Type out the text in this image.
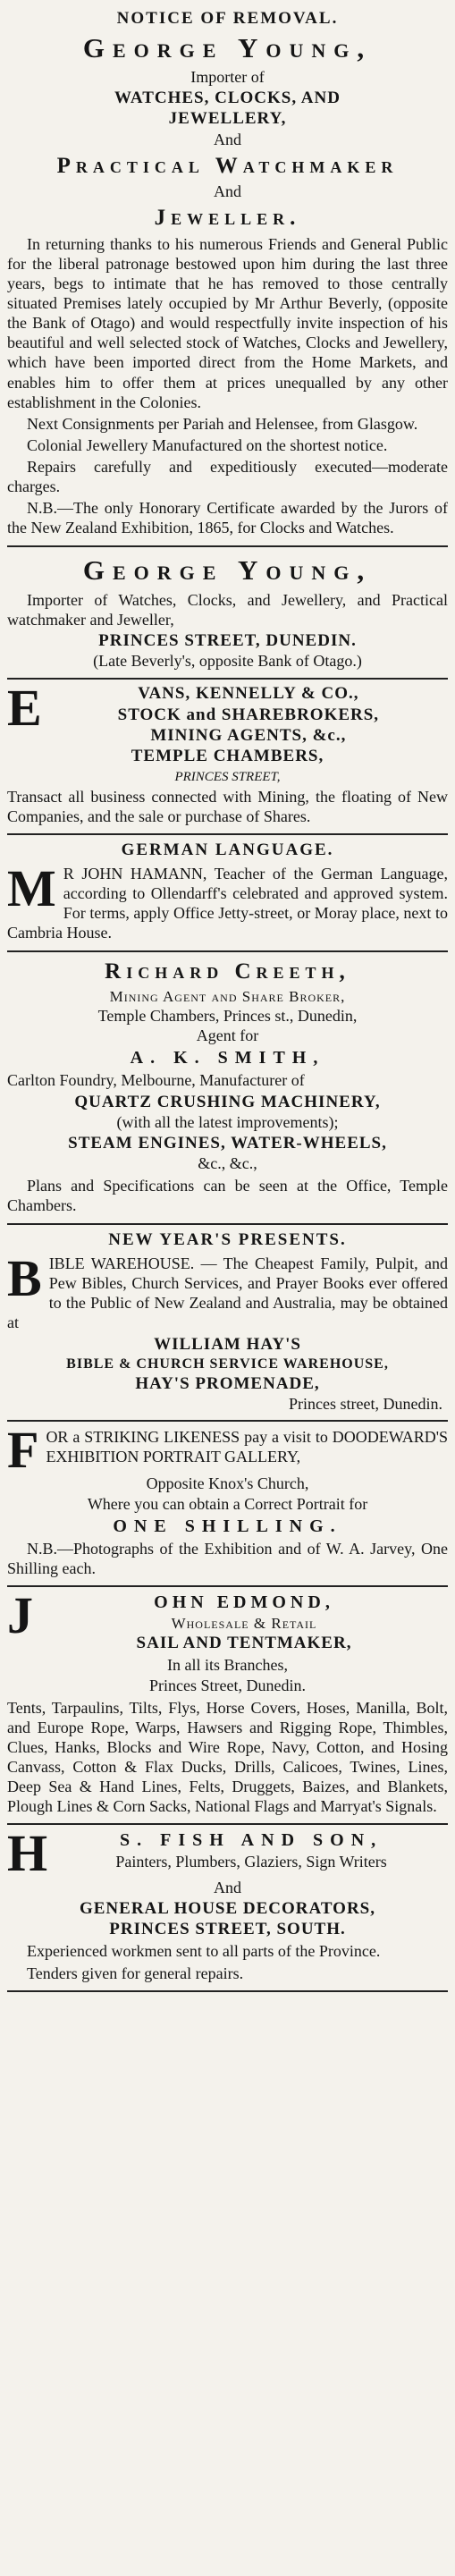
NOTICE OF REMOVAL.
George Young,
Importer of
WATCHES, CLOCKS, AND
JEWELLERY,
And
Practical Watchmaker
And
Jeweller.

In returning thanks to his numerous Friends and General Public for the liberal patronage bestowed upon him during the last three years, begs to intimate that he has removed to those centrally situated Premises lately occupied by Mr Arthur Beverly, (opposite the Bank of Otago) and would respectfully invite inspection of his beautiful and well selected stock of Watches, Clocks and Jewellery, which have been imported direct from the Home Markets, and enables him to offer them at prices unequalled by any other establishment in the Colonies.

Next Consignments per Pariah and Helensee, from Glasgow.

Colonial Jewellery Manufactured on the shortest notice.

Repairs carefully and expeditiously executed—moderate charges.

N.B.—The only Honorary Certificate awarded by the Jurors of the New Zealand Exhibition, 1865, for Clocks and Watches.

George Young,

Importer of Watches, Clocks, and Jewellery, and Practical watchmaker and Jeweller,

PRINCES STREET, DUNEDIN.
(Late Beverly's, opposite Bank of Otago.)
E	VANS, KENNELLY & CO.,
STOCK and SHAREBROKERS,
MINING AGENTS, &c.,
TEMPLE CHAMBERS,
PRINCES STREET,

Transact all business connected with Mining, the floating of New Companies, and the sale or purchase of Shares.

GERMAN LANGUAGE.
M R JOHN HAMANN, Teacher of the German Language, according to Ollendarff's celebrated and approved system. For terms, apply Office Jetty-street, or Moray place, next to Cambria House.

Richard Creeth,
Mining Agent and Share Broker,
Temple Chambers, Princes st., Dunedin,
Agent for
A. K. SMITH,

Carlton Foundry, Melbourne, Manufacturer of

QUARTZ CRUSHING MACHINERY,
(with all the latest improvements);
STEAM ENGINES, WATER-WHEELS,
&c., &c.,

Plans and Specifications can be seen at the Office, Temple Chambers.

NEW YEAR'S PRESENTS.
B IBLE WAREHOUSE. — The Cheapest Family, Pulpit, and Pew Bibles, Church Services, and Prayer Books ever offered to the Public of New Zealand and Australia, may be obtained at

WILLIAM HAY'S
BIBLE & CHURCH SERVICE WAREHOUSE,
HAY'S PROMENADE,
Princes street, Dunedin.
F OR a STRIKING LIKENESS pay a visit to DOODEWARD'S EXHIBITION PORTRAIT GALLERY,

Opposite Knox's Church,
Where you can obtain a Correct Portrait for
ONE SHILLING.

N.B.—Photographs of the Exhibition and of W. A. Jarvey, One Shilling each.

J	OHN EDMOND,
Wholesale & Retail
SAIL AND TENTMAKER,
In all its Branches,
Princes Street, Dunedin.

Tents, Tarpaulins, Tilts, Flys, Horse Covers, Hoses, Manilla, Bolt, and Europe Rope, Warps, Hawsers and Rigging Rope, Thimbles, Clues, Hanks, Blocks and Wire Rope, Navy, Cotton, and Hosing Canvass, Cotton & Flax Ducks, Drills, Calicoes, Twines, Lines, Deep Sea & Hand Lines, Felts, Druggets, Baizes, and Blankets, Plough Lines & Corn Sacks, National Flags and Marryat's Signals.

H	S. FISH AND SON,
Painters, Plumbers, Glaziers, Sign Writers
And
GENERAL HOUSE DECORATORS,
PRINCES STREET, SOUTH.

Experienced workmen sent to all parts of the Province.

Tenders given for general repairs.
